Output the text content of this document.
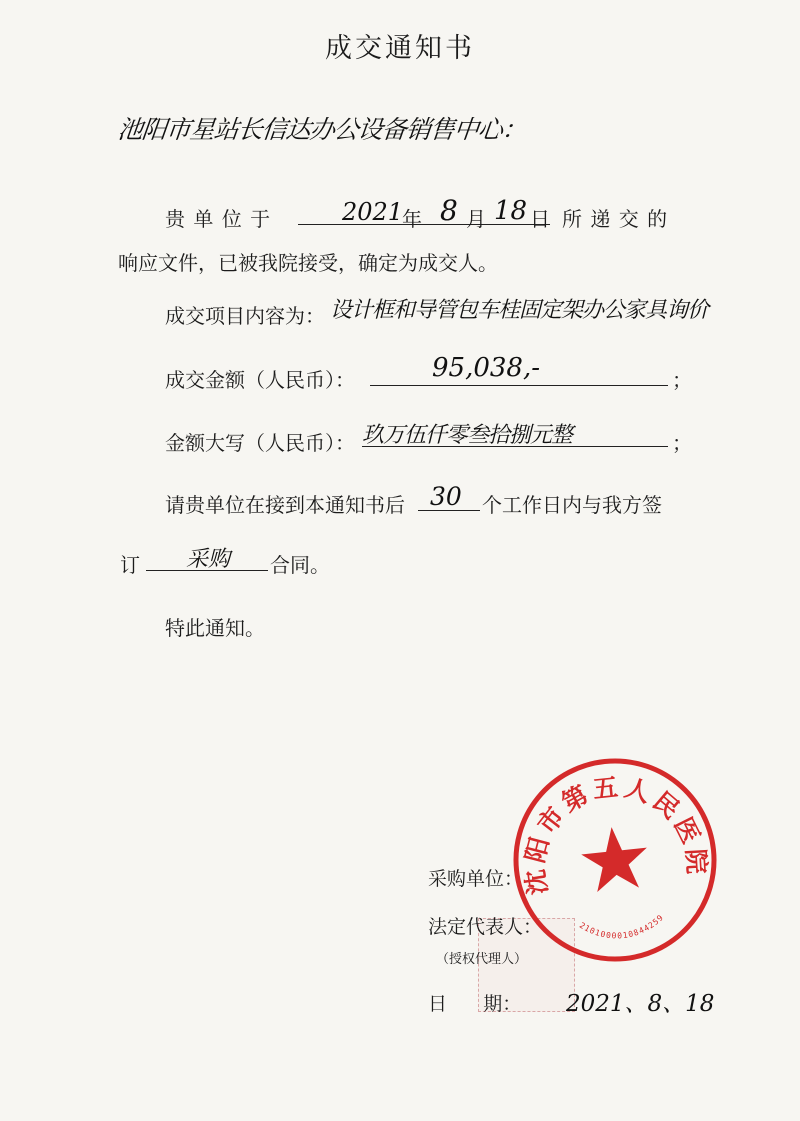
成交通知书
池阳市星站长信达办公设备销售中心：
贵 单 位 于	2021
年 8 月 18 日 所 递 交 的
响应文件，已被我院接受，确定为成交人。
成交项目内容为： 设计框和导管包车桂固定架办公家具询价
成交金额（人民币）：	95,038,-	；
金额大写（人民币）： 玖万伍仟零叁拾捌元整	；
请贵单位在接到本通知书后 30 个工作日内与我方签
订 采购 合同。
特此通知。
沈阳市第五人民医院
2101000010844259
采购单位：
法定代表人：
（授权代理人）
日      期： 2021、8、18
